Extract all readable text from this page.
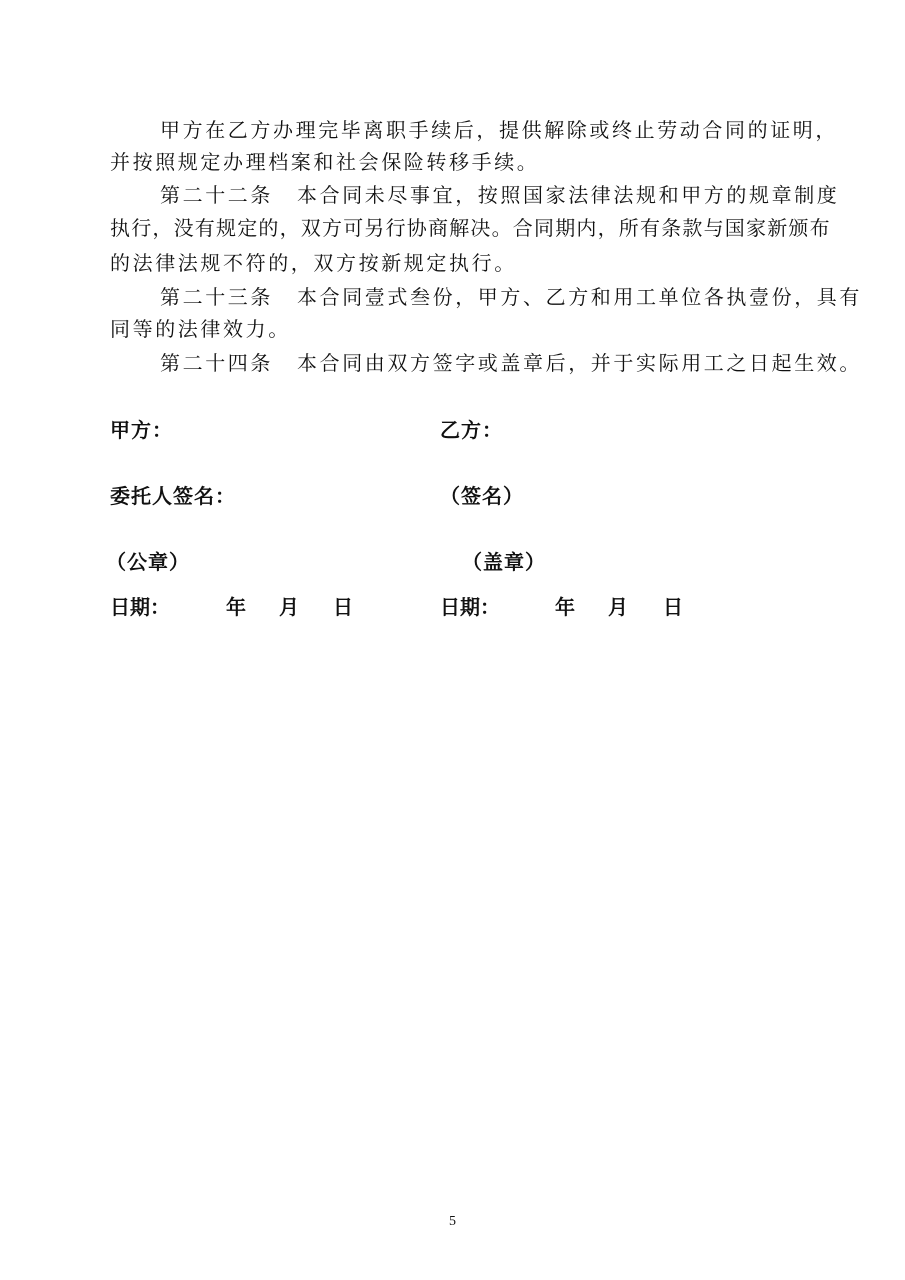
甲方在乙方办理完毕离职手续后，提供解除或终止劳动合同的证明，
并按照规定办理档案和社会保险转移手续。
第二十二条 本合同未尽事宜，按照国家法律法规和甲方的规章制度
执行，没有规定的，双方可另行协商解决。合同期内，所有条款与国家新颁布
的法律法规不符的，双方按新规定执行。
第二十三条 本合同壹式叁份，甲方、乙方和用工单位各执壹份，具有
同等的法律效力。
第二十四条 本合同由双方签字或盖章后，并于实际用工之日起生效。
甲方：	乙方：
委托人签名：	（签名）
（公章）	（盖章）
日期：	年 月 日	日期：	年 月 日
5
